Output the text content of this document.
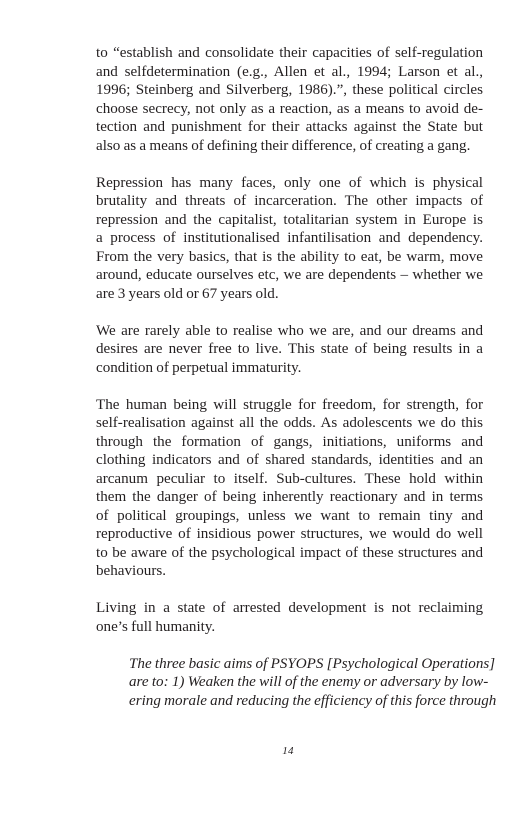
to “establish and consolidate their capacities of self-regulation
and selfdetermination (e.g., Allen et al., 1994; Larson et al.,
1996; Steinberg and Silverberg, 1986).”, these political circles
choose secrecy, not only as a reaction, as a means to avoid de-
tection and punishment for their attacks against the State but
also as a means of defining their difference, of creating a gang.

Repression has many faces, only one of which is physical
brutality and threats of incarceration. The other impacts of
repression and the capitalist, totalitarian system in Europe is
a process of institutionalised infantilisation and dependency.
From the very basics, that is the ability to eat, be warm, move
around, educate ourselves etc, we are dependents – whether we
are 3 years old or 67 years old.

We are rarely able to realise who we are, and our dreams and
desires are never free to live. This state of being results in a
condition of perpetual immaturity.

The human being will struggle for freedom, for strength, for
self-realisation against all the odds. As adolescents we do this
through the formation of gangs, initiations, uniforms and
clothing indicators and of shared standards, identities and an
arcanum peculiar to itself. Sub-cultures. These hold within
them the danger of being inherently reactionary and in terms
of political groupings, unless we want to remain tiny and
reproductive of insidious power structures, we would do well
to be aware of the psychological impact of these structures and
behaviours.

Living in a state of arrested development is not reclaiming
one’s full humanity.

The three basic aims of PSYOPS [Psychological Operations]
are to: 1) Weaken the will of the enemy or adversary by low-
ering morale and reducing the efficiency of this force through
14
